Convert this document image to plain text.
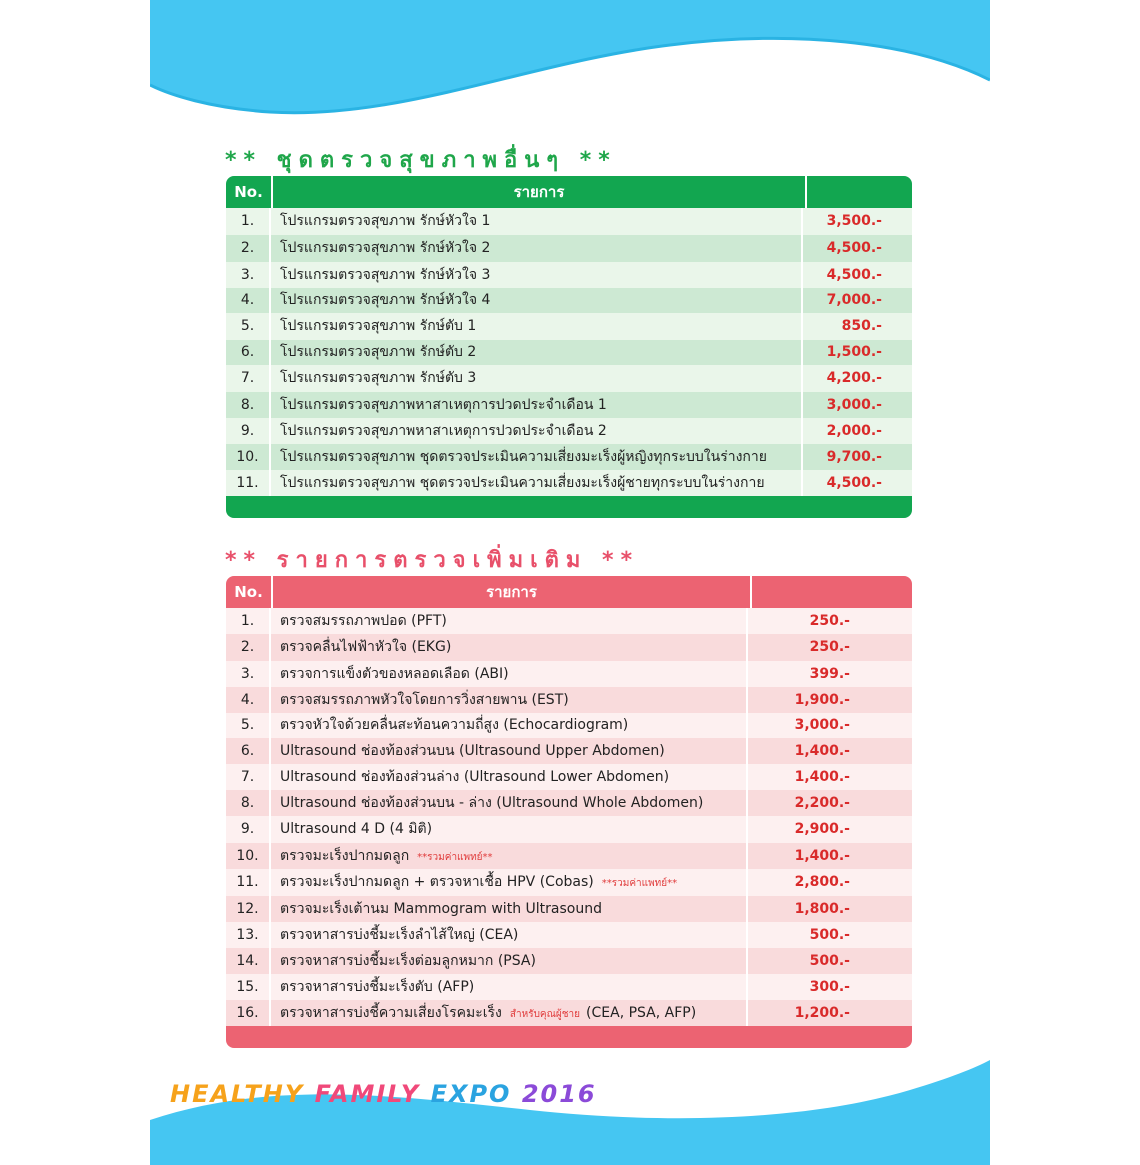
** ชุดตรวจสุขภาพอื่นๆ **
No.	รายการ
1.	โปรแกรมตรวจสุขภาพ รักษ์หัวใจ 1	3,500.-
2.	โปรแกรมตรวจสุขภาพ รักษ์หัวใจ 2	4,500.-
3.	โปรแกรมตรวจสุขภาพ รักษ์หัวใจ 3	4,500.-
4.	โปรแกรมตรวจสุขภาพ รักษ์หัวใจ 4	7,000.-
5.	โปรแกรมตรวจสุขภาพ รักษ์ตับ 1	850.-
6.	โปรแกรมตรวจสุขภาพ รักษ์ตับ 2	1,500.-
7.	โปรแกรมตรวจสุขภาพ รักษ์ตับ 3	4,200.-
8.	โปรแกรมตรวจสุขภาพหาสาเหตุการปวดประจำเดือน 1	3,000.-
9.	โปรแกรมตรวจสุขภาพหาสาเหตุการปวดประจำเดือน 2	2,000.-
10.	โปรแกรมตรวจสุขภาพ ชุดตรวจประเมินความเสี่ยงมะเร็งผู้หญิงทุกระบบในร่างกาย	9,700.-
11.	โปรแกรมตรวจสุขภาพ ชุดตรวจประเมินความเสี่ยงมะเร็งผู้ชายทุกระบบในร่างกาย	4,500.-
** รายการตรวจเพิ่มเติม **
No.	รายการ
1.	ตรวจสมรรถภาพปอด (PFT)	250.-
2.	ตรวจคลื่นไฟฟ้าหัวใจ (EKG)	250.-
3.	ตรวจการแข็งตัวของหลอดเลือด (ABI)	399.-
4.	ตรวจสมรรถภาพหัวใจโดยการวิ่งสายพาน (EST)	1,900.-
5.	ตรวจหัวใจด้วยคลื่นสะท้อนความถี่สูง (Echocardiogram)	3,000.-
6.	Ultrasound ช่องท้องส่วนบน (Ultrasound Upper Abdomen)	1,400.-
7.	Ultrasound ช่องท้องส่วนล่าง (Ultrasound Lower Abdomen)	1,400.-
8.	Ultrasound ช่องท้องส่วนบน - ล่าง (Ultrasound Whole Abdomen)	2,200.-
9.	Ultrasound 4 D (4 มิติ)	2,900.-
10.	ตรวจมะเร็งปากมดลูก **รวมค่าแพทย์**	1,400.-
11.	ตรวจมะเร็งปากมดลูก + ตรวจหาเชื้อ HPV (Cobas) **รวมค่าแพทย์**	2,800.-
12.	ตรวจมะเร็งเต้านม Mammogram with Ultrasound	1,800.-
13.	ตรวจหาสารบ่งชี้มะเร็งลำไส้ใหญ่ (CEA)	500.-
14.	ตรวจหาสารบ่งชี้มะเร็งต่อมลูกหมาก (PSA)	500.-
15.	ตรวจหาสารบ่งชี้มะเร็งตับ (AFP)	300.-
16.	ตรวจหาสารบ่งชี้ความเสี่ยงโรคมะเร็ง สำหรับคุณผู้ชาย (CEA, PSA, AFP)	1,200.-
HEALTHY FAMILY EXPO 2016
